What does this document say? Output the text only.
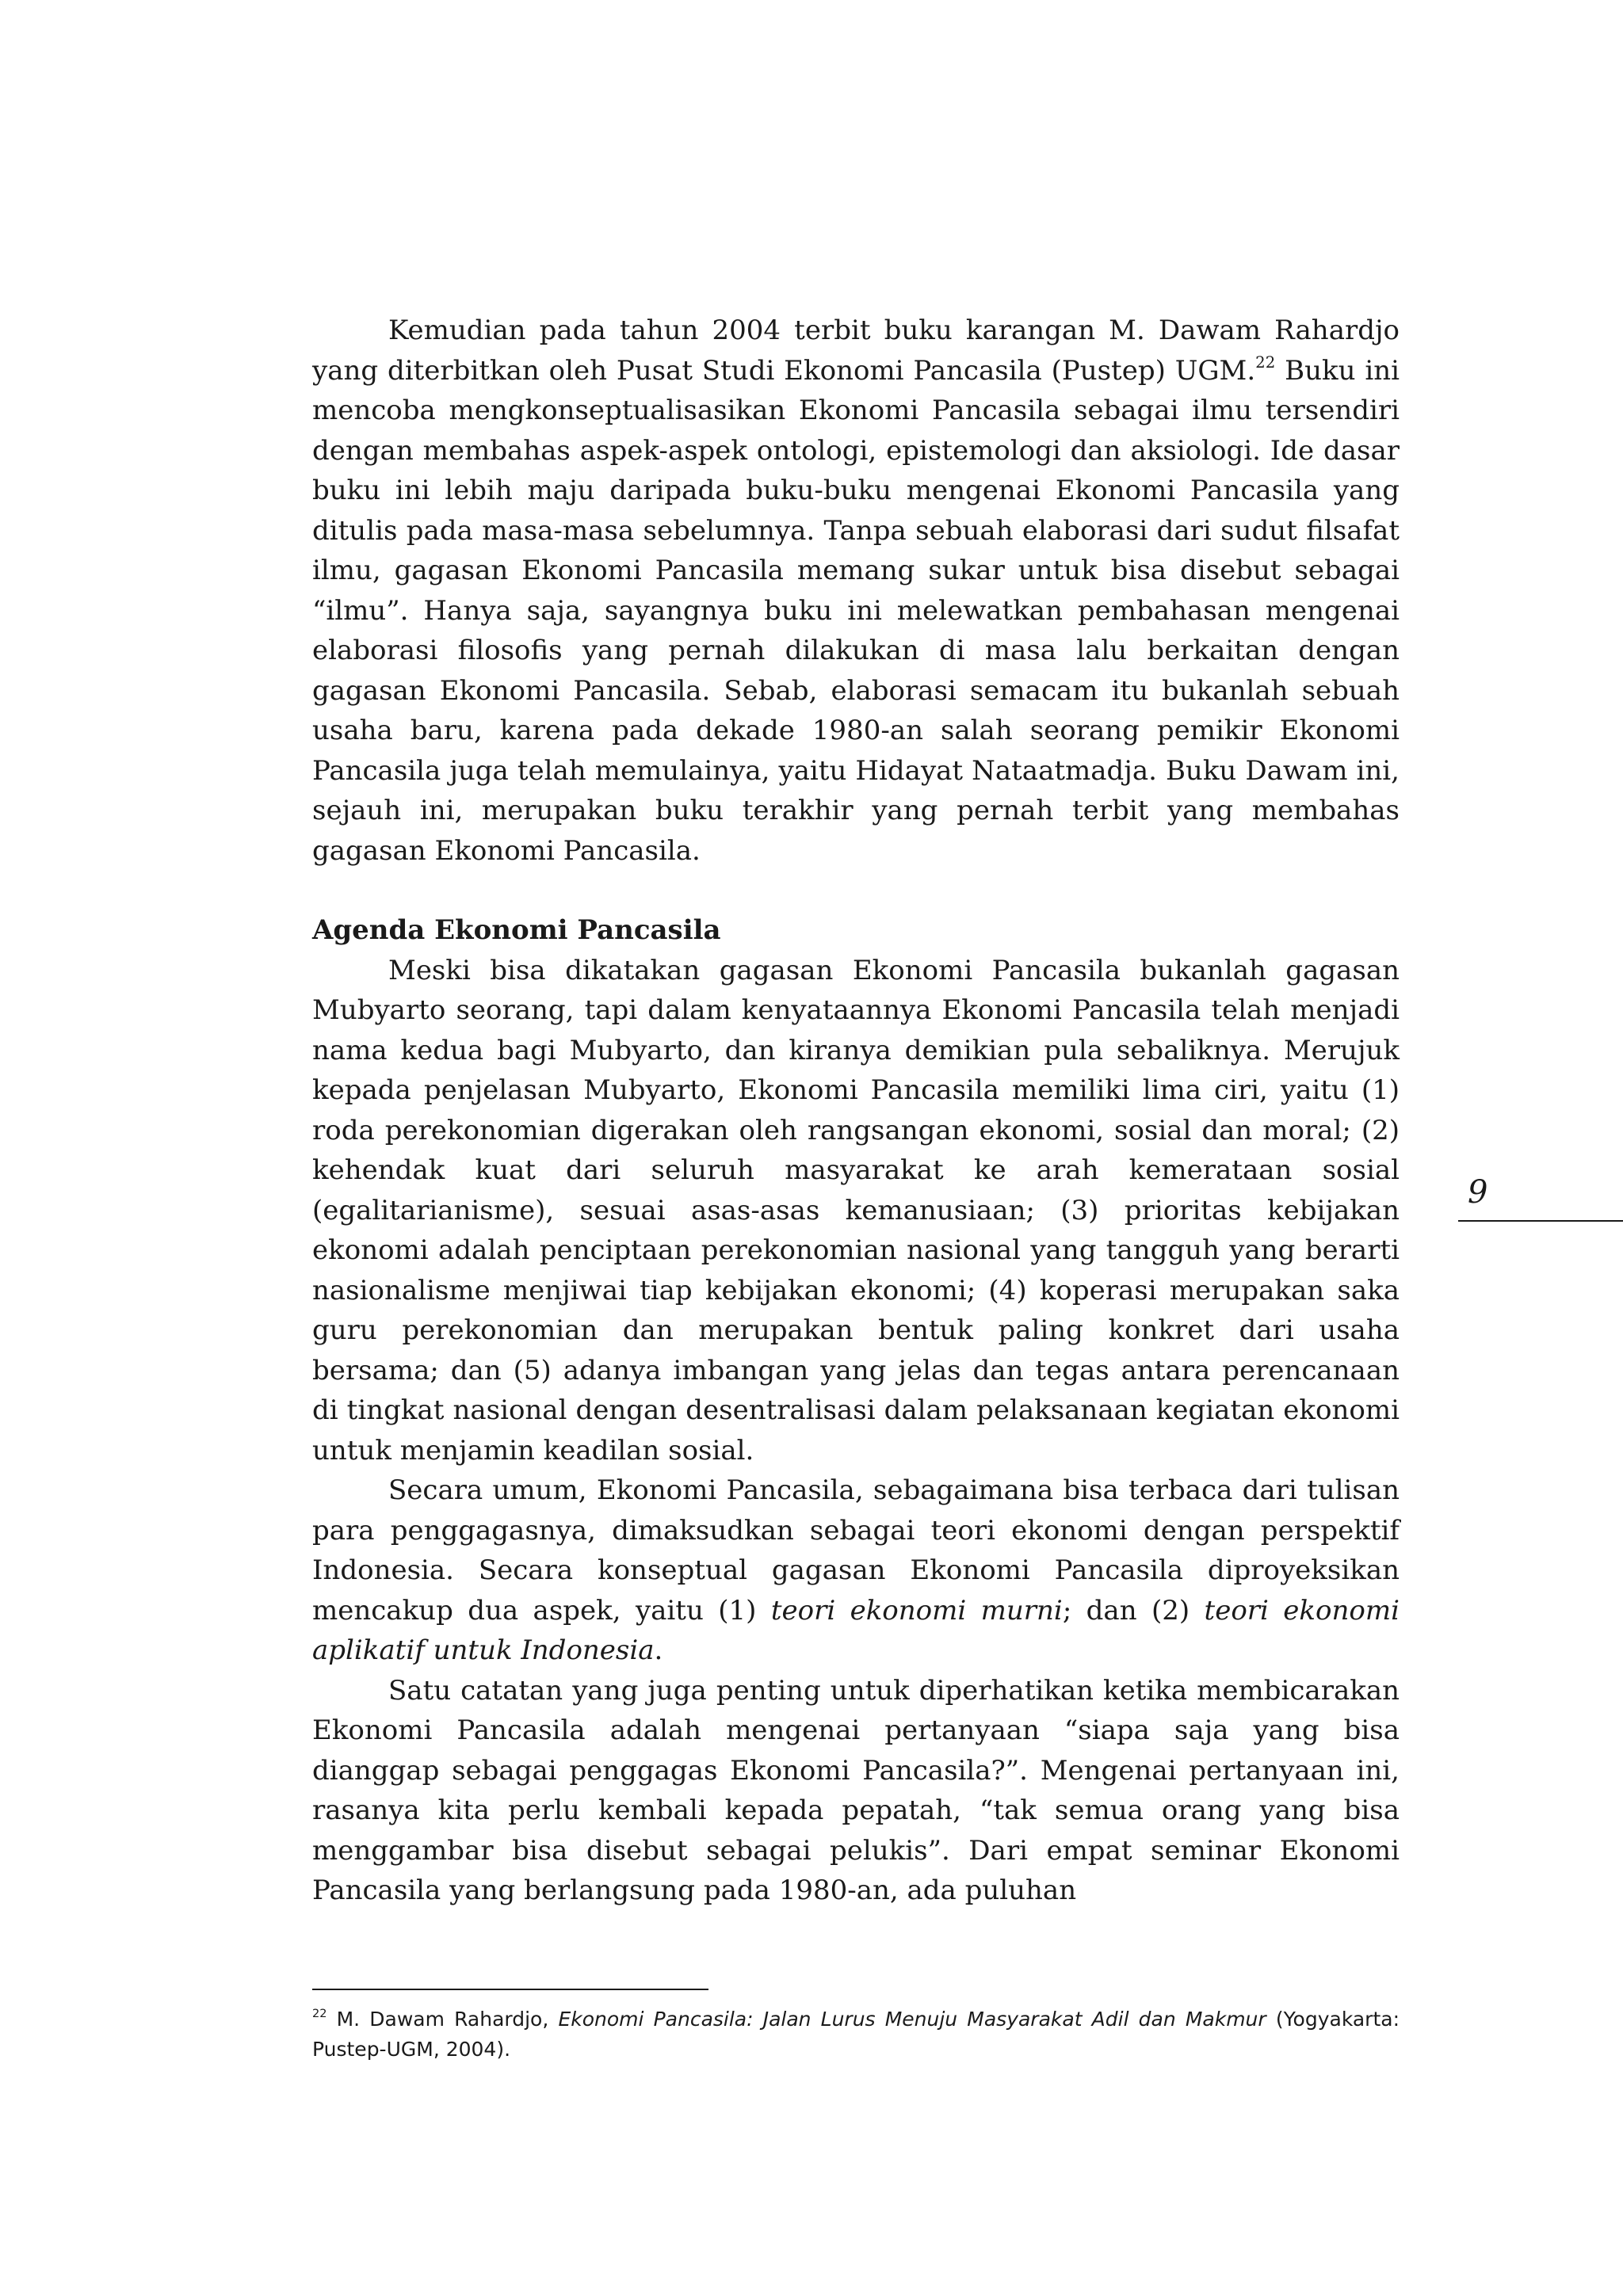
Kemudian pada tahun 2004 terbit buku karangan M. Dawam Rahardjo yang diterbitkan oleh Pusat Studi Ekonomi Pancasila (Pustep) UGM.$^{22}$ Buku ini mencoba mengkonseptualisasikan Ekonomi Pancasila sebagai ilmu tersendiri dengan membahas aspek-aspek ontologi, epistemologi dan aksiologi. Ide dasar buku ini lebih maju daripada buku-buku mengenai Ekonomi Pancasila yang ditulis pada masa-masa sebelumnya. Tanpa sebuah elaborasi dari sudut filsafat ilmu, gagasan Ekonomi Pancasila memang sukar untuk bisa disebut sebagai “ilmu”. Hanya saja, sayangnya buku ini melewatkan pembahasan mengenai elaborasi filosofis yang pernah dilakukan di masa lalu berkaitan dengan gagasan Ekonomi Pancasila. Sebab, elaborasi semacam itu bukanlah sebuah usaha baru, karena pada dekade 1980-an salah seorang pemikir Ekonomi Pancasila juga telah memulainya, yaitu Hidayat Nataatmadja. Buku Dawam ini, sejauh ini, merupakan buku terakhir yang pernah terbit yang membahas gagasan Ekonomi Pancasila.

Agenda Ekonomi Pancasila

Meski bisa dikatakan gagasan Ekonomi Pancasila bukanlah gagasan Mubyarto seorang, tapi dalam kenyataannya Ekonomi Pancasila telah menjadi nama kedua bagi Mubyarto, dan kiranya demikian pula sebaliknya. Merujuk kepada penjelasan Mubyarto, Ekonomi Pancasila memiliki lima ciri, yaitu (1) roda perekonomian digerakan oleh rangsangan ekonomi, sosial dan moral; (2) kehendak kuat dari seluruh masyarakat ke arah kemerataan sosial (egalitarianisme), sesuai asas-asas kemanusiaan; (3) prioritas kebijakan ekonomi adalah penciptaan perekonomian nasional yang tangguh yang berarti nasionalisme menjiwai tiap kebijakan ekonomi; (4) koperasi merupakan saka guru perekonomian dan merupakan bentuk paling konkret dari usaha bersama; dan (5) adanya imbangan yang jelas dan tegas antara perencanaan di tingkat nasional dengan desentralisasi dalam pelaksanaan kegiatan ekonomi untuk menjamin keadilan sosial.

Secara umum, Ekonomi Pancasila, sebagaimana bisa terbaca dari tulisan para penggagasnya, dimaksudkan sebagai teori ekonomi dengan perspektif Indonesia. Secara konseptual gagasan Ekonomi Pancasila diproyeksikan mencakup dua aspek, yaitu (1) teori ekonomi murni; dan (2) teori ekonomi aplikatif untuk Indonesia.

Satu catatan yang juga penting untuk diperhatikan ketika membicarakan Ekonomi Pancasila adalah mengenai pertanyaan “siapa saja yang bisa dianggap sebagai penggagas Ekonomi Pancasila?”. Mengenai pertanyaan ini, rasanya kita perlu kembali kepada pepatah, “tak semua orang yang bisa menggambar bisa disebut sebagai pelukis”. Dari empat seminar Ekonomi Pancasila yang berlangsung pada 1980-an, ada puluhan

$^{22}$ M. Dawam Rahardjo, Ekonomi Pancasila: Jalan Lurus Menuju Masyarakat Adil dan Makmur (Yogyakarta: Pustep-UGM, 2004).
9
